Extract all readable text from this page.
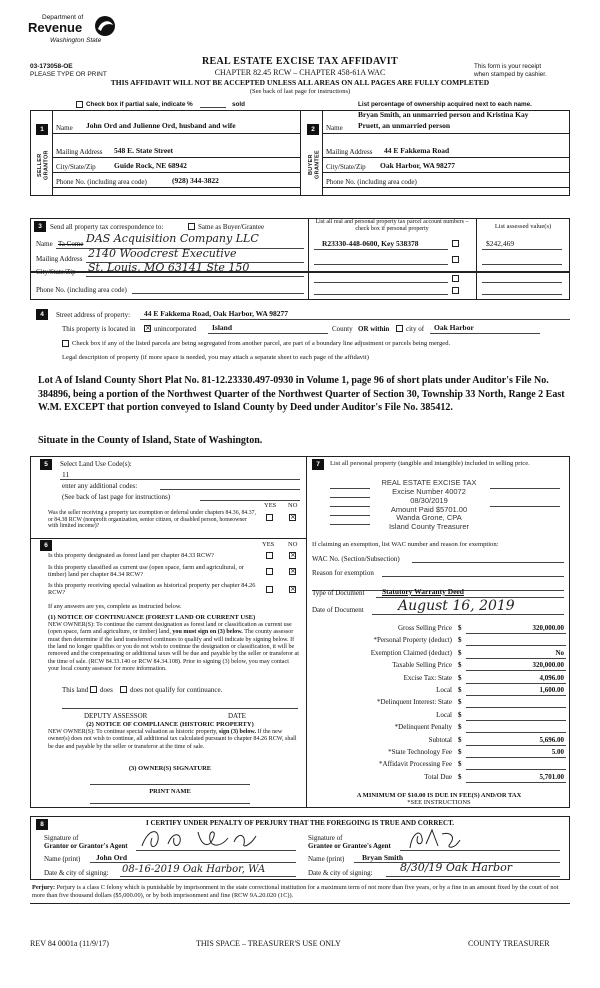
Department of
Revenue
Washington State
03-173058-OE
PLEASE TYPE OR PRINT
REAL ESTATE EXCISE TAX AFFIDAVIT
CHAPTER 82.45 RCW – CHAPTER 458-61A WAC
THIS AFFIDAVIT WILL NOT BE ACCEPTED UNLESS ALL AREAS ON ALL PAGES ARE FULLY COMPLETED
(See back of last page for instructions)
This form is your receipt
when stamped by cashier.
Check box if partial sale, indicate %	sold	List percentage of ownership acquired next to each name.
1
SELLER GRANTOR
Name John Ord and Julienne Ord, husband and wife
Mailing Address 548 E. State Street
City/State/Zip Guide Rock, NE 68942
Phone No. (including area code)	(928) 344-3822
2
BUYER GRANTEE
Bryan Smith, an unmarried person and Kristina Kay
Name Pruett, an unmarried person
Mailing Address 44 E Fakkema Road
City/State/Zip Oak Harbor, WA 98277
Phone No. (including area code)
3	Send all property tax correspondence to:	Same as Buyer/Grantee
List all real and personal property tax parcel account numbers – check box if personal property	List assessed value(s)
Name Ta Come DAS Acquisition Company LLC
Mailing Address 2140 Woodcrest Executive
City/State/Zip St. Louis, MO 63141 Ste 150
R23330-448-0600, Key 538378	$242,469
Phone No. (including area code)
4	Street address of property: 44 E Fakkema Road, Oak Harbor, WA 98277
This property is located in × unincorporated Island	County OR within city of Oak Harbor
Check box if any of the listed parcels are being segregated from another parcel, are part of a boundary line adjustment or parcels being merged.
Legal description of property (if more space is needed, you may attach a separate sheet to each page of the affidavit)
Lot A of Island County Short Plat No. 81-12.23330.497-0930 in Volume 1, page 96 of short plats under Auditor's File No. 384896, being a portion of the Northwest Quarter of the Northwest Quarter of Section 30, Township 33 North, Range 2 East W.M. EXCEPT that portion conveyed to Island County by Deed under Auditor's File No. 385412.
Situate in the County of Island, State of Washington.
5	Select Land Use Code(s):
11
enter any additional codes:
(See back of last page for instructions)
YES NO
Was the seller receiving a property tax exemption or deferral under chapters 84.36, 84.37, or 84.38 RCW (nonprofit organization, senior citizen, or disabled person, homeowner with limited income)?
×
6	YES NO
Is this property designated as forest land per chapter 84.33 RCW?	×
Is this property classified as current use (open space, farm and agricultural, or timber) land per chapter 84.34 RCW?	×
Is this property receiving special valuation as historical property per chapter 84.26 RCW?	×
If any answers are yes, complete as instructed below.
(1) NOTICE OF CONTINUANCE (FOREST LAND OR CURRENT USE)
NEW OWNER(S): To continue the current designation as forest land or classification as current use (open space, farm and agriculture, or timber) land, you must sign on (3) below. The county assessor must then determine if the land transferred continues to qualify and will indicate by signing below. If the land no longer qualifies or you do not wish to continue the designation or classification, it will be removed and the compensating or additional taxes will be due and payable by the seller or transferor at the time of sale. (RCW 84.33.140 or RCW 84.34.108). Prior to signing (3) below, you may contact your local county assessor for more information.
This land does does not qualify for continuance.
DEPUTY ASSESSOR	DATE
(2) NOTICE OF COMPLIANCE (HISTORIC PROPERTY)
NEW OWNER(S): To continue special valuation as historic property, sign (3) below. If the new owner(s) does not wish to continue, all additional tax calculated pursuant to chapter 84.26 RCW, shall be due and payable by the seller or transferor at the time of sale.
(3) OWNER(S) SIGNATURE
PRINT NAME
7	List all personal property (tangible and intangible) included in selling price.
REAL ESTATE EXCISE TAX
Excise Number 40072
08/30/2019
Amount Paid $5701.00
Wanda Grone, CPA
Island County Treasurer
If claiming an exemption, list WAC number and reason for exemption:
WAC No. (Section/Subsection)
Reason for exemption
Type of Document Statutory Warranty Deed
Date of Document August 16, 2019
Gross Selling Price $	320,000.00
*Personal Property (deduct) $
Exemption Claimed (deduct) $	No
Taxable Selling Price $	320,000.00
Excise Tax: State $	4,096.00
Local $	1,600.00
*Delinquent Interest: State $
Local $
*Delinquent Penalty $
Subtotal $	5,696.00
*State Technology Fee $	5.00
*Affidavit Processing Fee $
Total Due $	5,701.00
A MINIMUM OF $10.00 IS DUE IN FEE(S) AND/OR TAX
*SEE INSTRUCTIONS
8	I CERTIFY UNDER PENALTY OF PERJURY THAT THE FOREGOING IS TRUE AND CORRECT.
Signature of
Grantor or Grantor's Agent
Name (print) John Ord
Date & city of signing: 08-16-2019 Oak Harbor, WA
Signature of
Grantee or Grantee's Agent
Name (print) Bryan Smith
Date & city of signing: 8/30/19 Oak Harbor
Perjury: Perjury is a class C felony which is punishable by imprisonment in the state correctional institution for a maximum term of not more than five years, or by a fine in an amount fixed by the court of not more than five thousand dollars ($5,000.00), or by both imprisonment and fine (RCW 9A.20.020 (1C)).
REV 84 0001a (11/9/17)	THIS SPACE – TREASURER'S USE ONLY	COUNTY TREASURER
